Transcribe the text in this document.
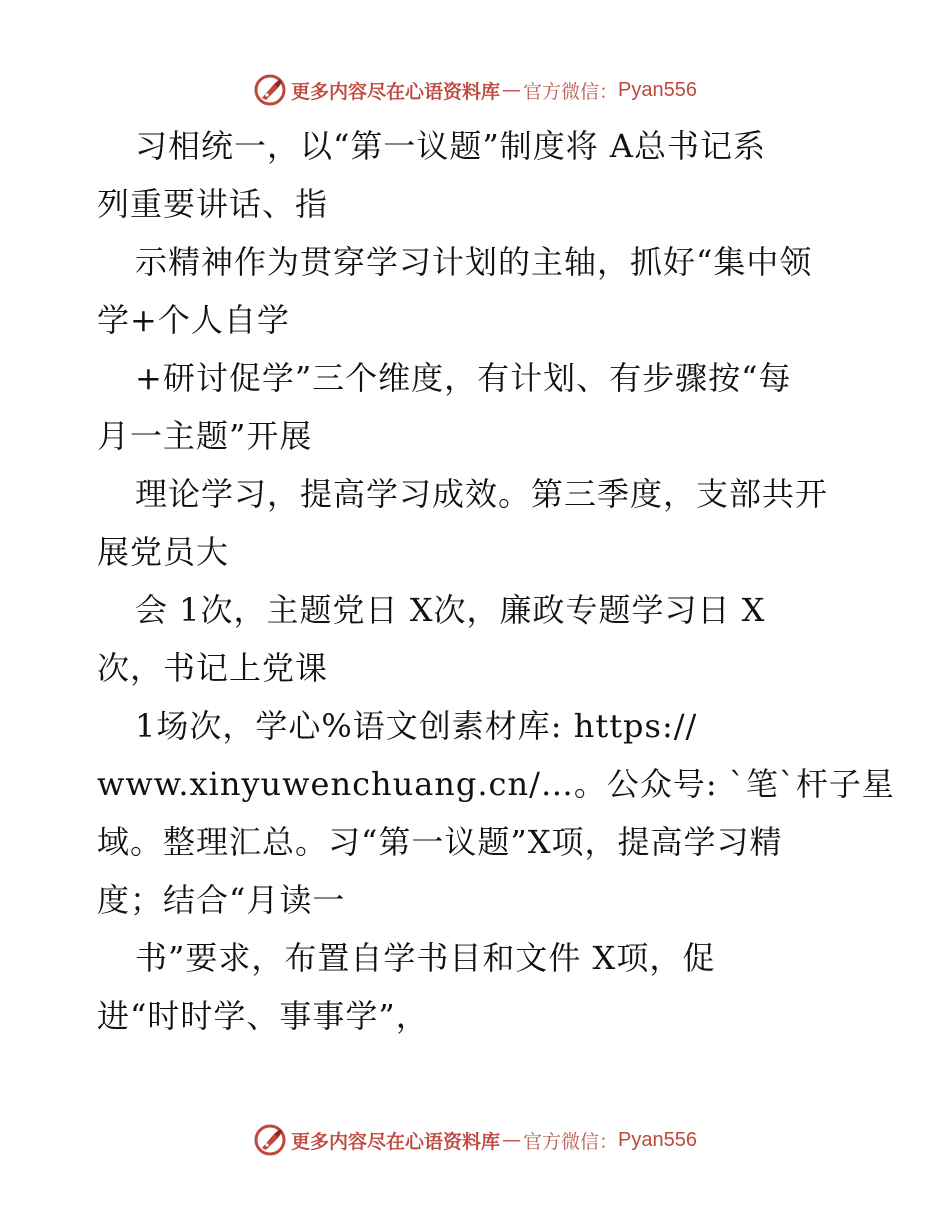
更多内容尽在心语资料库 — 官方微信： Pyan556
习相统一，以“第一议题”制度将 A总书记系
列重要讲话、指
示精神作为贯穿学习计划的主轴，抓好“集中领
学+个人自学
+研讨促学”三个维度，有计划、有步骤按“每
月一主题”开展
理论学习，提高学习成效。第三季度，支部共开
展党员大
会 1次，主题党日 X次，廉政专题学习日 X
次，书记上党课
1场次，学心%语文创素材库: https://
www.xinyuwenchuang.cn/…。公众号: `笔`杆子星
域。整理汇总。习“第一议题”X项，提高学习精
度；结合“月读一
书”要求，布置自学书目和文件 X项，促
进“时时学、事事学”，
更多内容尽在心语资料库 — 官方微信： Pyan556
